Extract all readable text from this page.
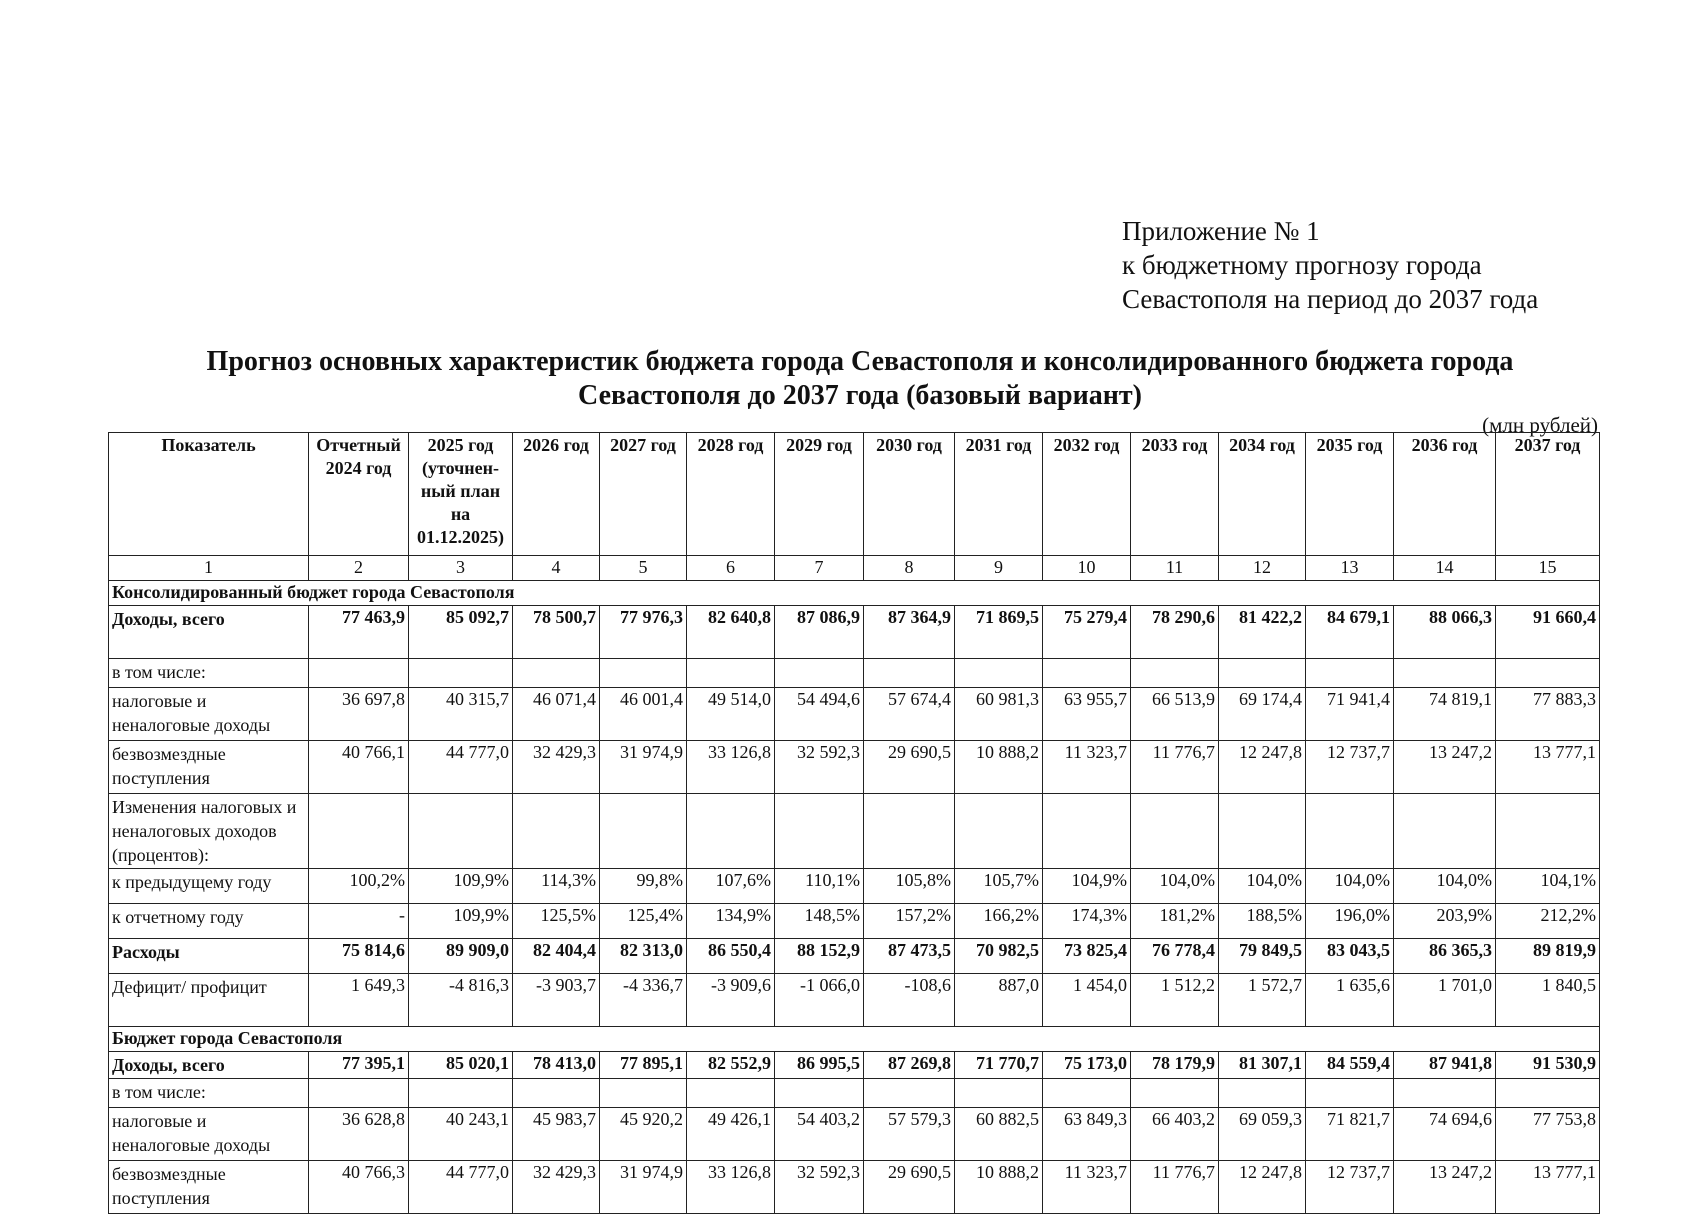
Приложение № 1
к бюджетному прогнозу города
Севастополя на период до 2037 года
Прогноз основных характеристик бюджета города Севастополя и консолидированного бюджета города
Севастополя до 2037 года (базовый вариант)
(млн рублей)
Показатель	Отчетный 2024 год	2025 год (уточнен-ный план на 01.12.2025)	2026 год	2027 год	2028 год	2029 год	2030 год	2031 год	2032 год	2033 год	2034 год	2035 год	2036 год	2037 год
1	2	3	4	5	6	7	8	9	10	11	12	13	14	15
Консолидированный бюджет города Севастополя														
Доходы, всего	77 463,9	85 092,7	78 500,7	77 976,3	82 640,8	87 086,9	87 364,9	71 869,5	75 279,4	78 290,6	81 422,2	84 679,1	88 066,3	91 660,4
в том числе:														
налоговые и неналоговые доходы	36 697,8	40 315,7	46 071,4	46 001,4	49 514,0	54 494,6	57 674,4	60 981,3	63 955,7	66 513,9	69 174,4	71 941,4	74 819,1	77 883,3
безвозмездные поступления	40 766,1	44 777,0	32 429,3	31 974,9	33 126,8	32 592,3	29 690,5	10 888,2	11 323,7	11 776,7	12 247,8	12 737,7	13 247,2	13 777,1
Изменения налоговых и неналоговых доходов (процентов):														
к предыдущему году	100,2%	109,9%	114,3%	99,8%	107,6%	110,1%	105,8%	105,7%	104,9%	104,0%	104,0%	104,0%	104,0%	104,1%
к отчетному году	-	109,9%	125,5%	125,4%	134,9%	148,5%	157,2%	166,2%	174,3%	181,2%	188,5%	196,0%	203,9%	212,2%
Расходы	75 814,6	89 909,0	82 404,4	82 313,0	86 550,4	88 152,9	87 473,5	70 982,5	73 825,4	76 778,4	79 849,5	83 043,5	86 365,3	89 819,9
Дефицит/ профицит	1 649,3	-4 816,3	-3 903,7	-4 336,7	-3 909,6	-1 066,0	-108,6	887,0	1 454,0	1 512,2	1 572,7	1 635,6	1 701,0	1 840,5
Бюджет города Севастополя														
Доходы, всего	77 395,1	85 020,1	78 413,0	77 895,1	82 552,9	86 995,5	87 269,8	71 770,7	75 173,0	78 179,9	81 307,1	84 559,4	87 941,8	91 530,9
в том числе:														
налоговые и неналоговые доходы	36 628,8	40 243,1	45 983,7	45 920,2	49 426,1	54 403,2	57 579,3	60 882,5	63 849,3	66 403,2	69 059,3	71 821,7	74 694,6	77 753,8
безвозмездные поступления	40 766,3	44 777,0	32 429,3	31 974,9	33 126,8	32 592,3	29 690,5	10 888,2	11 323,7	11 776,7	12 247,8	12 737,7	13 247,2	13 777,1
